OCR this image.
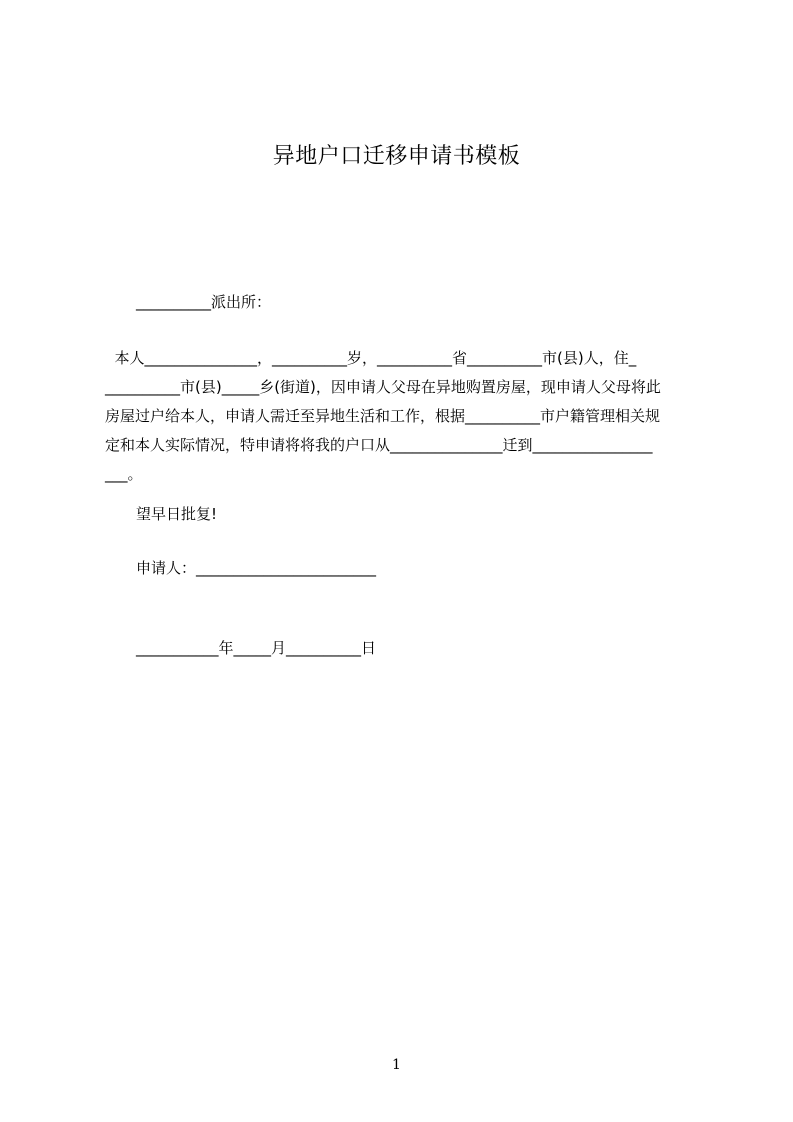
异地户口迁移申请书模板
__________派出所：
本人_______________，__________岁，__________省__________市(县)人，住_
__________市(县)_____乡(街道)，因申请人父母在异地购置房屋，现申请人父母将此
房屋过户给本人，申请人需迁至异地生活和工作，根据__________市户籍管理相关规
定和本人实际情况，特申请将将我的户口从_______________迁到________________
___。
望早日批复!
申请人：________________________
___________年_____月__________日
1
